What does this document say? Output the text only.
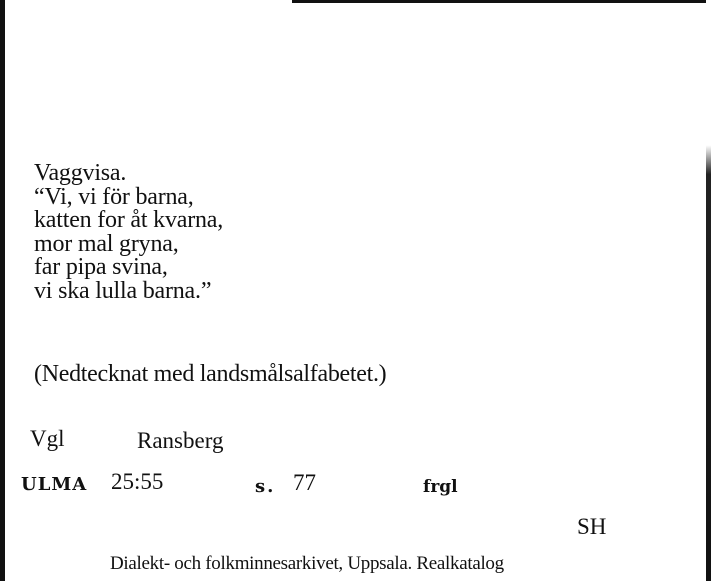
Vaggvisa.
“Vi, vi för barna,
katten for åt kvarna,
mor mal gryna,
far pipa svina,
vi ska lulla barna.”
(Nedtecknat med landsmålsalfabetet.)
Vgl	Ransberg
ULMA 25:55	s. 77	frgl
SH
Dialekt- och folkminnesarkivet, Uppsala. Realkatalog
